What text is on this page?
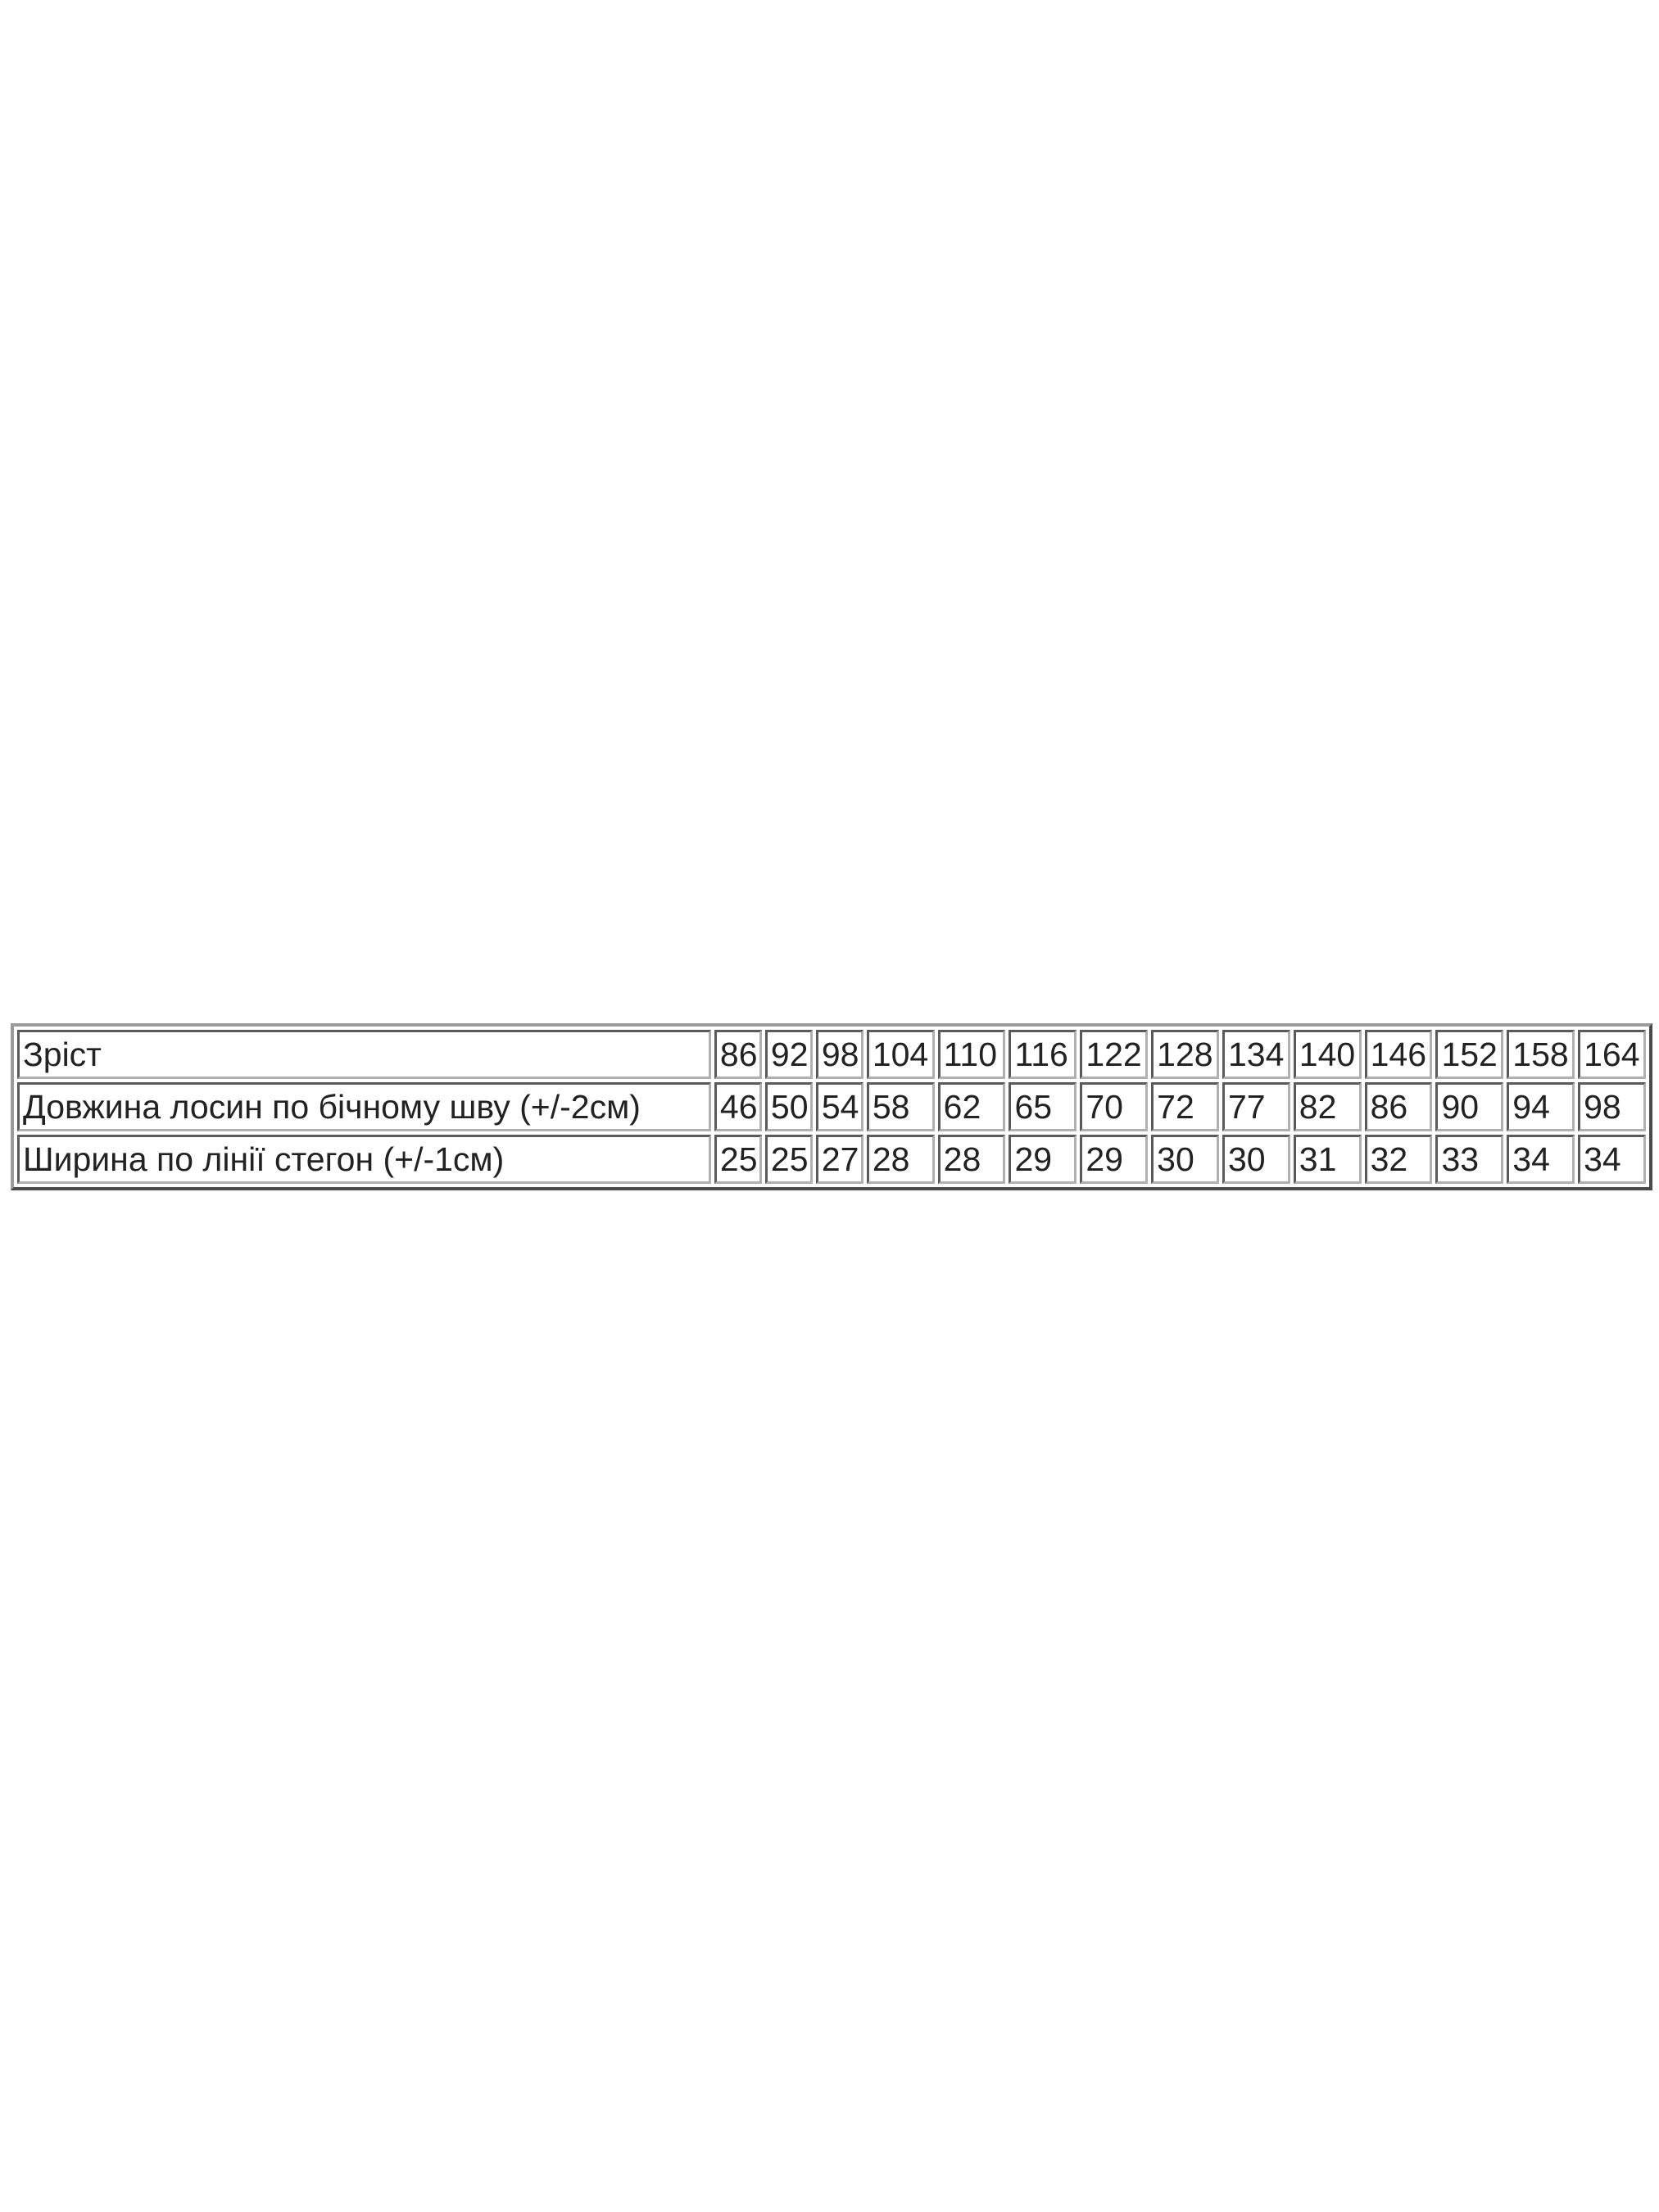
Зріст	86	92	98	104	110	116	122	128	134	140	146	152	158	164
Довжина лосин по бічному шву (+/-2см)	46	50	54	58	62	65	70	72	77	82	86	90	94	98
Ширина по лінії стегон (+/-1см)	25	25	27	28	28	29	29	30	30	31	32	33	34	34
